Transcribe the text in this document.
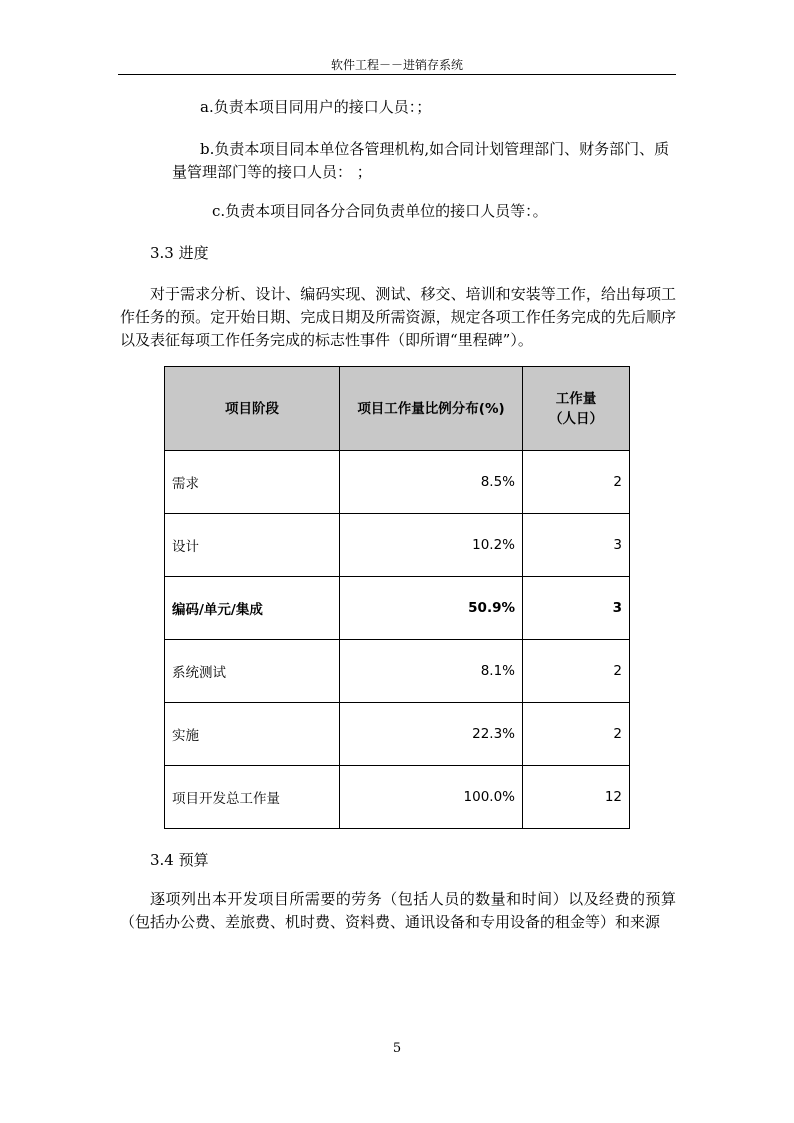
软件工程－－进销存系统

a.负责本项目同用户的接口人员：；

b.负责本项目同本单位各管理机构,如合同计划管理部门、财务部门、质量管理部门等的接口人员： ；

c.负责本项目同各分合同负责单位的接口人员等：。

3.3 进度

对于需求分析、设计、编码实现、测试、移交、培训和安装等工作，给出每项工作任务的预。定开始日期、完成日期及所需资源，规定各项工作任务完成的先后顺序以及表征每项工作任务完成的标志性事件（即所谓“里程碑”）。

项目阶段	项目工作量比例分布(%)	工作量
（人日）

需求	8.5%	2
设计	10.2%	3
编码/单元/集成	50.9%	3
系统测试	8.1%	2
实施	22.3%	2
项目开发总工作量	100.0%	12

3.4 预算

逐项列出本开发项目所需要的劳务（包括人员的数量和时间）以及经费的预算（包括办公费、差旅费、机时费、资料费、通讯设备和专用设备的租金等）和来源

5
